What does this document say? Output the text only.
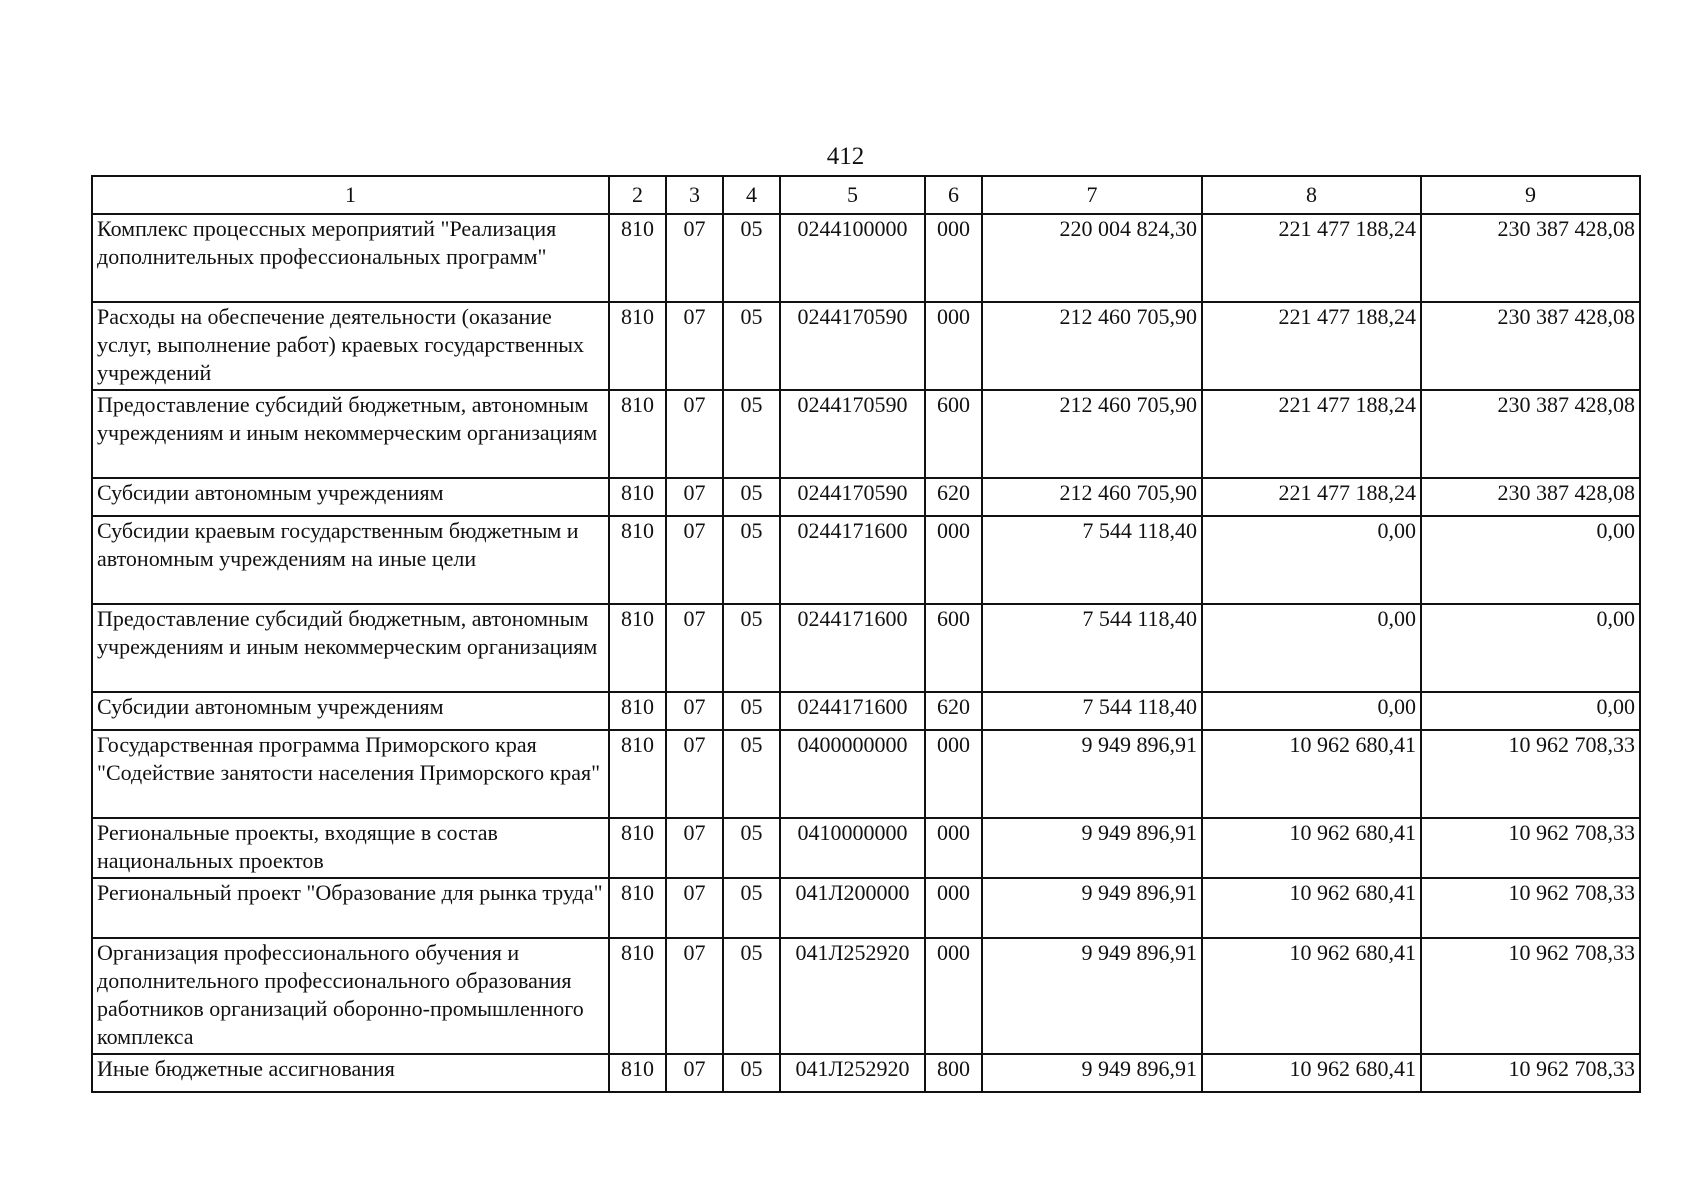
412
1	2	3	4	5	6	7	8	9
Комплекс процессных мероприятий "Реализация дополнительных профессиональных программ"	810	07	05	0244100000	000	220 004 824,30	221 477 188,24	230 387 428,08
Расходы на обеспечение деятельности (оказание услуг, выполнение работ) краевых государственных учреждений	810	07	05	0244170590	000	212 460 705,90	221 477 188,24	230 387 428,08
Предоставление субсидий бюджетным, автономным учреждениям и иным некоммерческим организациям	810	07	05	0244170590	600	212 460 705,90	221 477 188,24	230 387 428,08
Субсидии автономным учреждениям	810	07	05	0244170590	620	212 460 705,90	221 477 188,24	230 387 428,08
Субсидии краевым государственным бюджетным и автономным учреждениям на иные цели	810	07	05	0244171600	000	7 544 118,40	0,00	0,00
Предоставление субсидий бюджетным, автономным учреждениям и иным некоммерческим организациям	810	07	05	0244171600	600	7 544 118,40	0,00	0,00
Субсидии автономным учреждениям	810	07	05	0244171600	620	7 544 118,40	0,00	0,00
Государственная программа Приморского края "Содействие занятости населения Приморского края"	810	07	05	0400000000	000	9 949 896,91	10 962 680,41	10 962 708,33
Региональные проекты, входящие в состав национальных проектов	810	07	05	0410000000	000	9 949 896,91	10 962 680,41	10 962 708,33
Региональный проект "Образование для рынка труда"	810	07	05	041Л200000	000	9 949 896,91	10 962 680,41	10 962 708,33
Организация профессионального обучения и дополнительного профессионального образования работников организаций оборонно-промышленного комплекса	810	07	05	041Л252920	000	9 949 896,91	10 962 680,41	10 962 708,33
Иные бюджетные ассигнования	810	07	05	041Л252920	800	9 949 896,91	10 962 680,41	10 962 708,33
